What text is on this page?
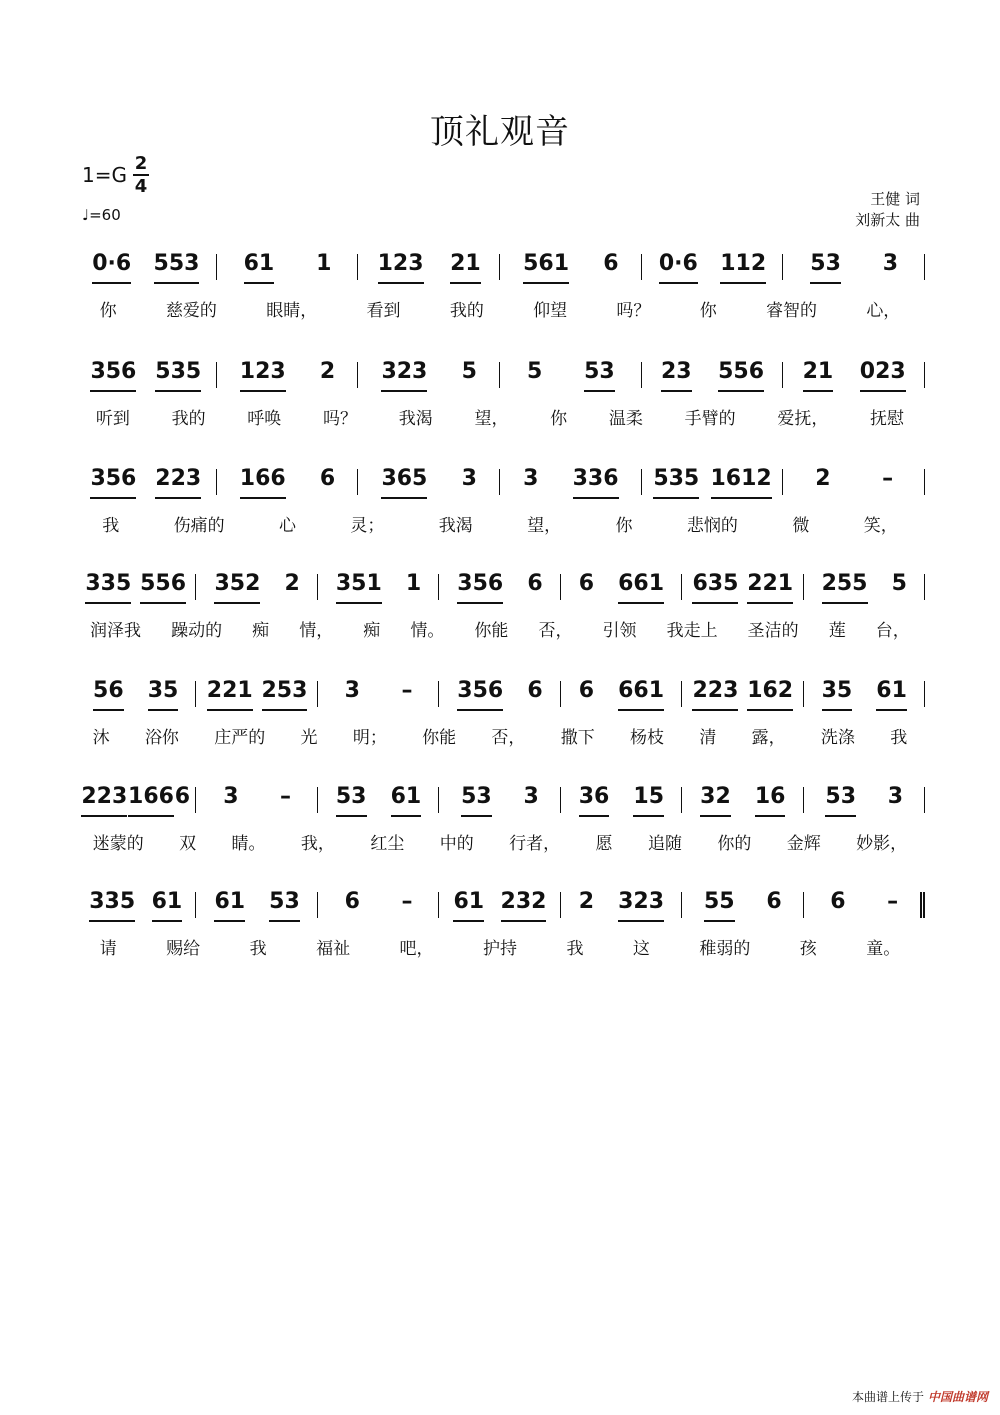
顶礼观音
1=G 2
4
♩=60
王健 词
刘新太 曲
0·6 553 61 1 123 21 561 6 0·6 112 53 3
你	慈爱的	眼睛，	看到	我的	仰望	吗？	你	睿智的	心，
356 535 123 2 323 5 5 53 23 556 21 023
听到 我的 呼唤 吗？ 我渴 望， 你 温柔 手臂的 爱抚， 抚慰
356 223 166 6 365 3 3 336 535 1612 2 –
我	伤痛的	心	灵；	我渴	望，	你	悲悯的	微	笑，
335 556 352 2 351 1 356 6 6 661 635 221 255 5
润泽我 躁动的 痴 情， 痴 情。 你能 否， 引领 我走上 圣洁的 莲 台，
56 35 221 253 3 – 356 6 6 661 223 162 35 61
沐 浴你 庄严的 光 明； 你能 否， 撒下 杨枝 清 露， 洗涤 我
223 166 6 3 – 53 61 53 3 36 15 32 16 53 3
迷蒙的 双 睛。 我， 红尘 中的 行者， 愿 追随 你的 金辉 妙影，
335 61 61 53 6 – 61 232 2 323 55 6 6 –
请	赐给	我	福祉	吧，	护持	我	这	稚弱的	孩	童。
本曲谱上传于 中国曲谱网
